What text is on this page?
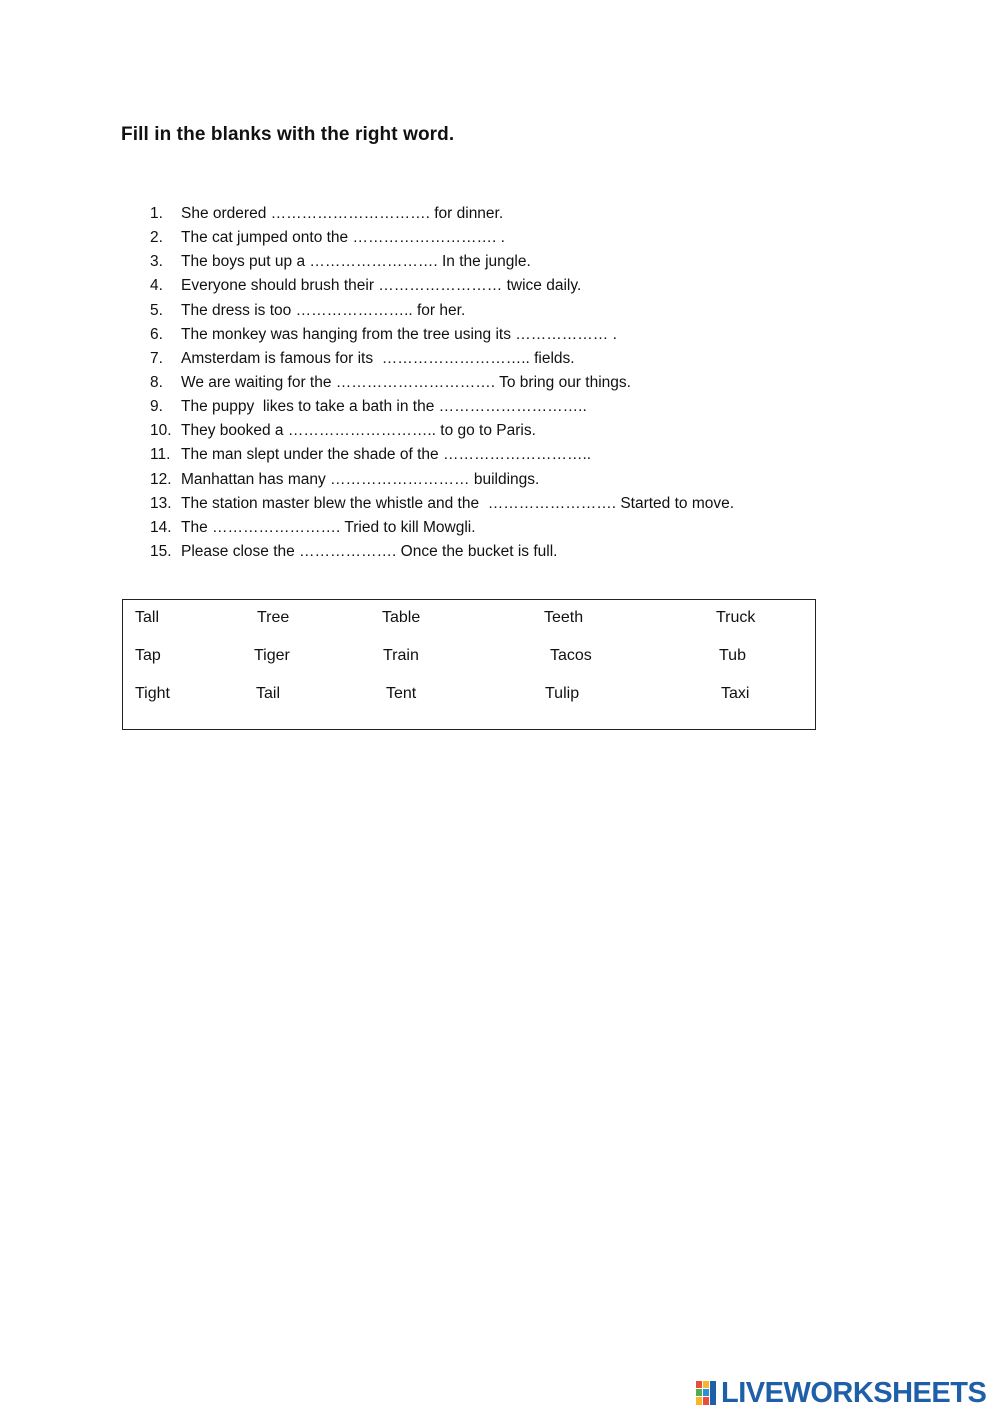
Fill in the blanks with the right word.
1. She ordered …………………………. for dinner.
2. The cat jumped onto the ………………………. .
3. The boys put up a ……………………. In the jungle.
4. Everyone should brush their …………………… twice daily.
5. The dress is too ………………….. for her.
6. The monkey was hanging from the tree using its ……………… .
7. Amsterdam is famous for its  ……………………….. fields.
8. We are waiting for the …………………………. To bring our things.
9. The puppy  likes to take a bath in the ………………………..
10. They booked a ……………………….. to go to Paris.
11. The man slept under the shade of the ………………………..
12. Manhattan has many ……………………… buildings.
13. The station master blew the whistle and the  ……………………. Started to move.
14. The ……………………. Tried to kill Mowgli.
15. Please close the ………………. Once the bucket is full.
Tall	Tree	Table	Teeth	Truck
Tap	Tiger	Train	Tacos	Tub
Tight	Tail	Tent	Tulip	Taxi
LIVEWORKSHEETS
